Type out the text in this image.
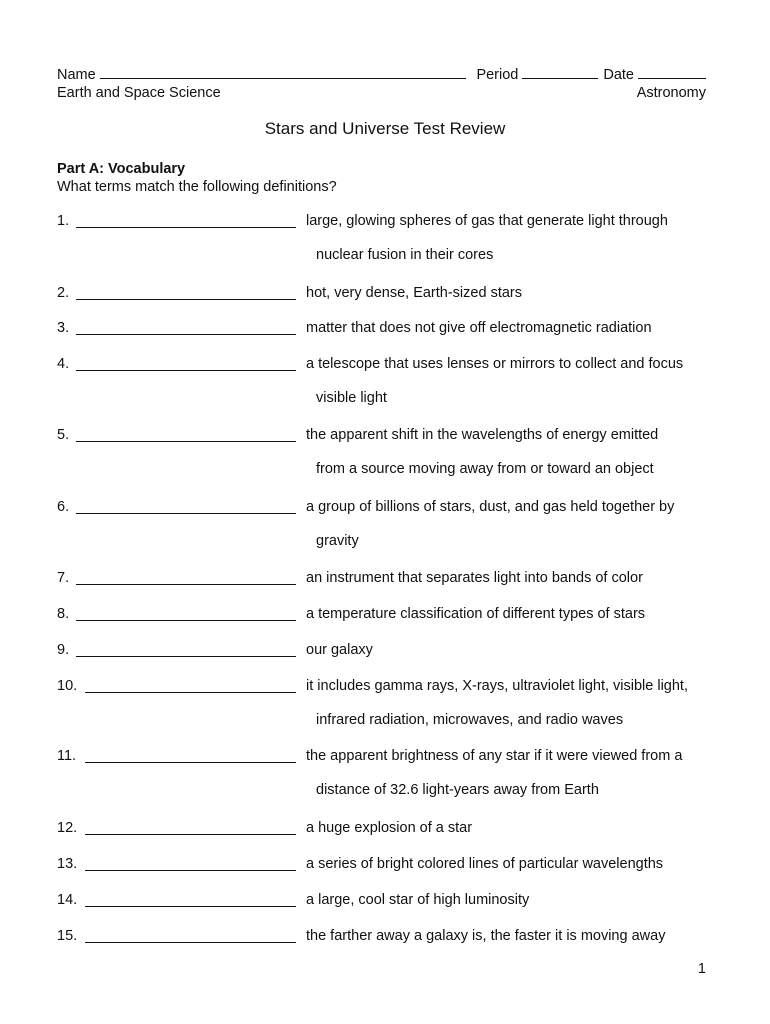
Name	Period	Date
Earth and Space Science	Astronomy
Stars and Universe Test Review
Part A: Vocabulary
What terms match the following definitions?
1.	large, glowing spheres of gas that generate light through
nuclear fusion in their cores
2.	hot, very dense, Earth-sized stars
3.	matter that does not give off electromagnetic radiation
4.	a telescope that uses lenses or mirrors to collect and focus
visible light
5.	the apparent shift in the wavelengths of energy emitted
from a source moving away from or toward an object
6.	a group of billions of stars, dust, and gas held together by
gravity
7.	an instrument that separates light into bands of color
8.	a temperature classification of different types of stars
9.	our galaxy
10.	it includes gamma rays, X-rays, ultraviolet light, visible light,
infrared radiation, microwaves, and radio waves
11.	the apparent brightness of any star if it were viewed from a
distance of 32.6 light-years away from Earth
12.	a huge explosion of a star
13.	a series of bright colored lines of particular wavelengths
14.	a large, cool star of high luminosity
15.	the farther away a galaxy is, the faster it is moving away
1
